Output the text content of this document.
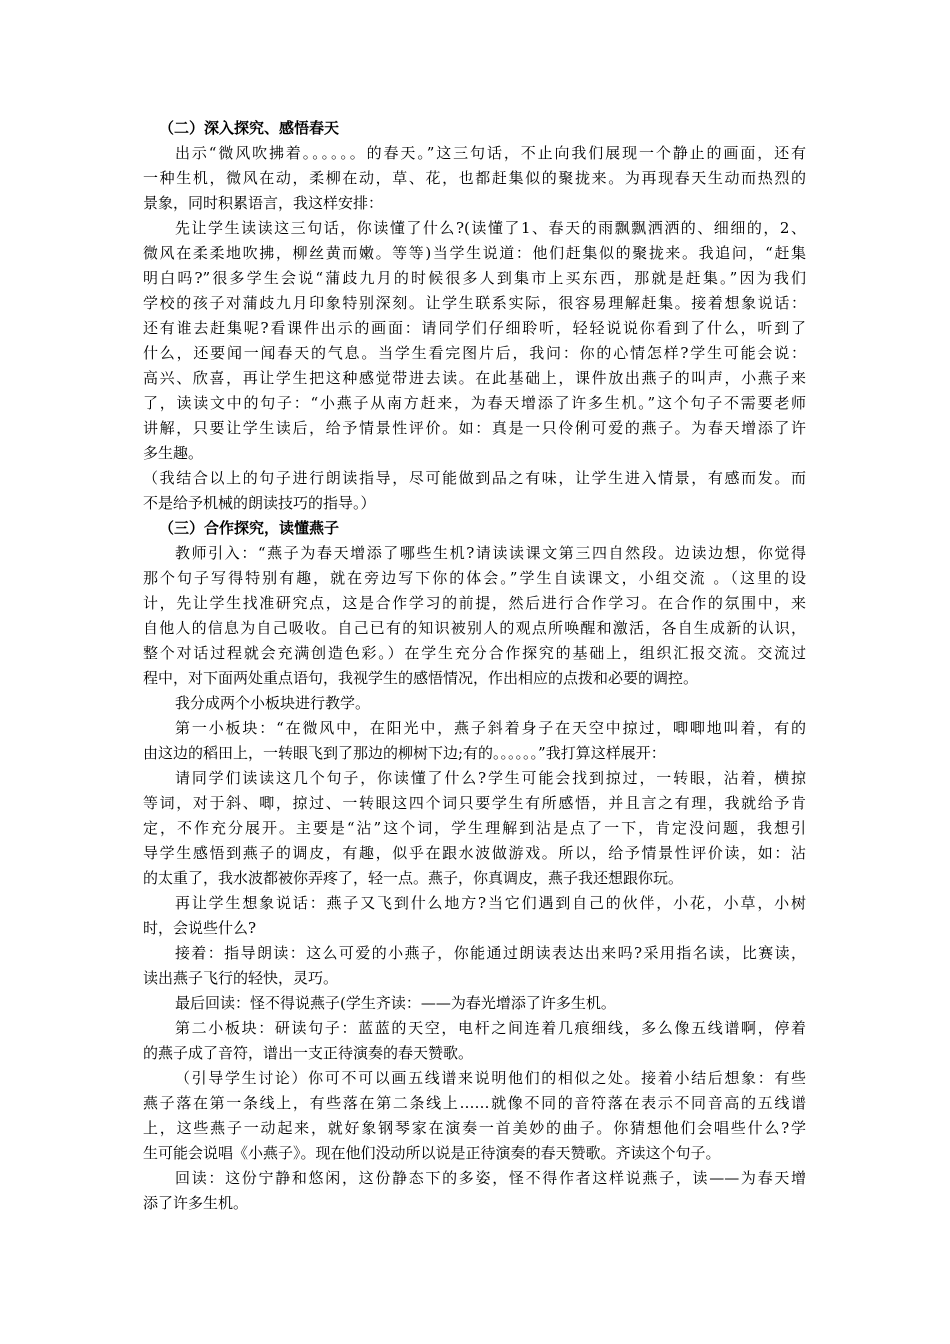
（二）深入探究、感悟春天

出示“微风吹拂着。。。。。。的春天。”这三句话，不止向我们展现一个静止的画面，还有
一种生机，微风在动，柔柳在动，草、花，也都赶集似的聚拢来。为再现春天生动而热烈的
景象，同时积累语言，我这样安排：

先让学生读读这三句话，你读懂了什么?(读懂了1、春天的雨飘飘洒洒的、细细的，2、
微风在柔柔地吹拂，柳丝黄而嫩。等等)当学生说道：他们赶集似的聚拢来。我追问，“赶集
明白吗?”很多学生会说“蒲歧九月的时候很多人到集市上买东西，那就是赶集。”因为我们
学校的孩子对蒲歧九月印象特别深刻。让学生联系实际，很容易理解赶集。接着想象说话：
还有谁去赶集呢?看课件出示的画面：请同学们仔细聆听，轻轻说说你看到了什么，听到了
什么，还要闻一闻春天的气息。当学生看完图片后，我问：你的心情怎样?学生可能会说：
高兴、欣喜，再让学生把这种感觉带进去读。在此基础上，课件放出燕子的叫声，小燕子来
了，读读文中的句子：“小燕子从南方赶来，为春天增添了许多生机。”这个句子不需要老师
讲解，只要让学生读后，给予情景性评价。如：真是一只伶俐可爱的燕子。为春天增添了许
多生趣。

（我结合以上的句子进行朗读指导，尽可能做到品之有味，让学生进入情景，有感而发。而
不是给予机械的朗读技巧的指导。）

（三）合作探究，读懂燕子

教师引入：“燕子为春天增添了哪些生机?请读读课文第三四自然段。边读边想，你觉得
那个句子写得特别有趣，就在旁边写下你的体会。”学生自读课文，小组交流 。（这里的设
计，先让学生找准研究点，这是合作学习的前提，然后进行合作学习。在合作的氛围中，来
自他人的信息为自己吸收。自己已有的知识被别人的观点所唤醒和激活，各自生成新的认识，
整个对话过程就会充满创造色彩。）在学生充分合作探究的基础上，组织汇报交流。交流过
程中，对下面两处重点语句，我视学生的感悟情况，作出相应的点拨和必要的调控。

我分成两个小板块进行教学。

第一小板块：“在微风中，在阳光中，燕子斜着身子在天空中掠过，唧唧地叫着，有的
由这边的稻田上，一转眼飞到了那边的柳树下边;有的。。。。。。”我打算这样展开：

请同学们读读这几个句子，你读懂了什么?学生可能会找到掠过，一转眼，沾着，横掠
等词，对于斜、唧，掠过、一转眼这四个词只要学生有所感悟，并且言之有理，我就给予肯
定，不作充分展开。主要是“沾”这个词，学生理解到沾是点了一下，肯定没问题，我想引
导学生感悟到燕子的调皮，有趣，似乎在跟水波做游戏。所以，给予情景性评价读，如：沾
的太重了，我水波都被你弄疼了，轻一点。燕子，你真调皮，燕子我还想跟你玩。

再让学生想象说话：燕子又飞到什么地方?当它们遇到自己的伙伴，小花，小草，小树
时，会说些什么?

接着：指导朗读：这么可爱的小燕子，你能通过朗读表达出来吗?采用指名读，比赛读，
读出燕子飞行的轻快，灵巧。

最后回读：怪不得说燕子(学生齐读：——为春光增添了许多生机。

第二小板块：研读句子：蓝蓝的天空，电杆之间连着几痕细线，多么像五线谱啊，停着
的燕子成了音符，谱出一支正待演奏的春天赞歌。

（引导学生讨论）你可不可以画五线谱来说明他们的相似之处。接着小结后想象：有些
燕子落在第一条线上，有些落在第二条线上……就像不同的音符落在表示不同音高的五线谱
上，这些燕子一动起来，就好象钢琴家在演奏一首美妙的曲子。你猜想他们会唱些什么?学
生可能会说唱《小燕子》。现在他们没动所以说是正待演奏的春天赞歌。齐读这个句子。

回读：这份宁静和悠闲，这份静态下的多姿，怪不得作者这样说燕子，读——为春天增
添了许多生机。
